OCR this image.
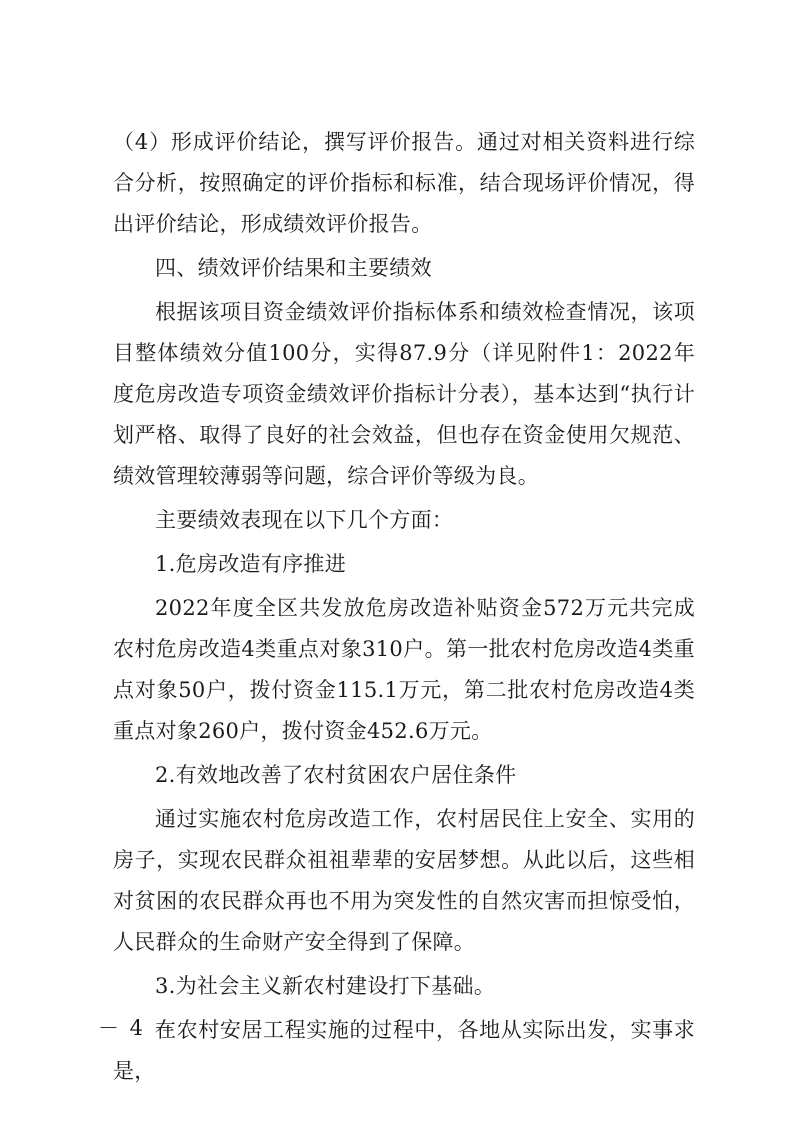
（4）形成评价结论，撰写评价报告。通过对相关资料进行综合分析，按照确定的评价指标和标准，结合现场评价情况，得出评价结论，形成绩效评价报告。

四、绩效评价结果和主要绩效

根据该项目资金绩效评价指标体系和绩效检查情况，该项目整体绩效分值100分，实得87.9分（详见附件1：2022年度危房改造专项资金绩效评价指标计分表），基本达到“执行计划严格、取得了良好的社会效益，但也存在资金使用欠规范、绩效管理较薄弱等问题，综合评价等级为良。

主要绩效表现在以下几个方面：

1.危房改造有序推进

2022年度全区共发放危房改造补贴资金572万元共完成农村危房改造4类重点对象310户。第一批农村危房改造4类重点对象50户，拨付资金115.1万元，第二批农村危房改造4类重点对象260户，拨付资金452.6万元。

2.有效地改善了农村贫困农户居住条件

通过实施农村危房改造工作，农村居民住上安全、实用的房子，实现农民群众祖祖辈辈的安居梦想。从此以后，这些相对贫困的农民群众再也不用为突发性的自然灾害而担惊受怕，人民群众的生命财产安全得到了保障。

3.为社会主义新农村建设打下基础。

在农村安居工程实施的过程中，各地从实际出发，实事求是，

－ 4 －
